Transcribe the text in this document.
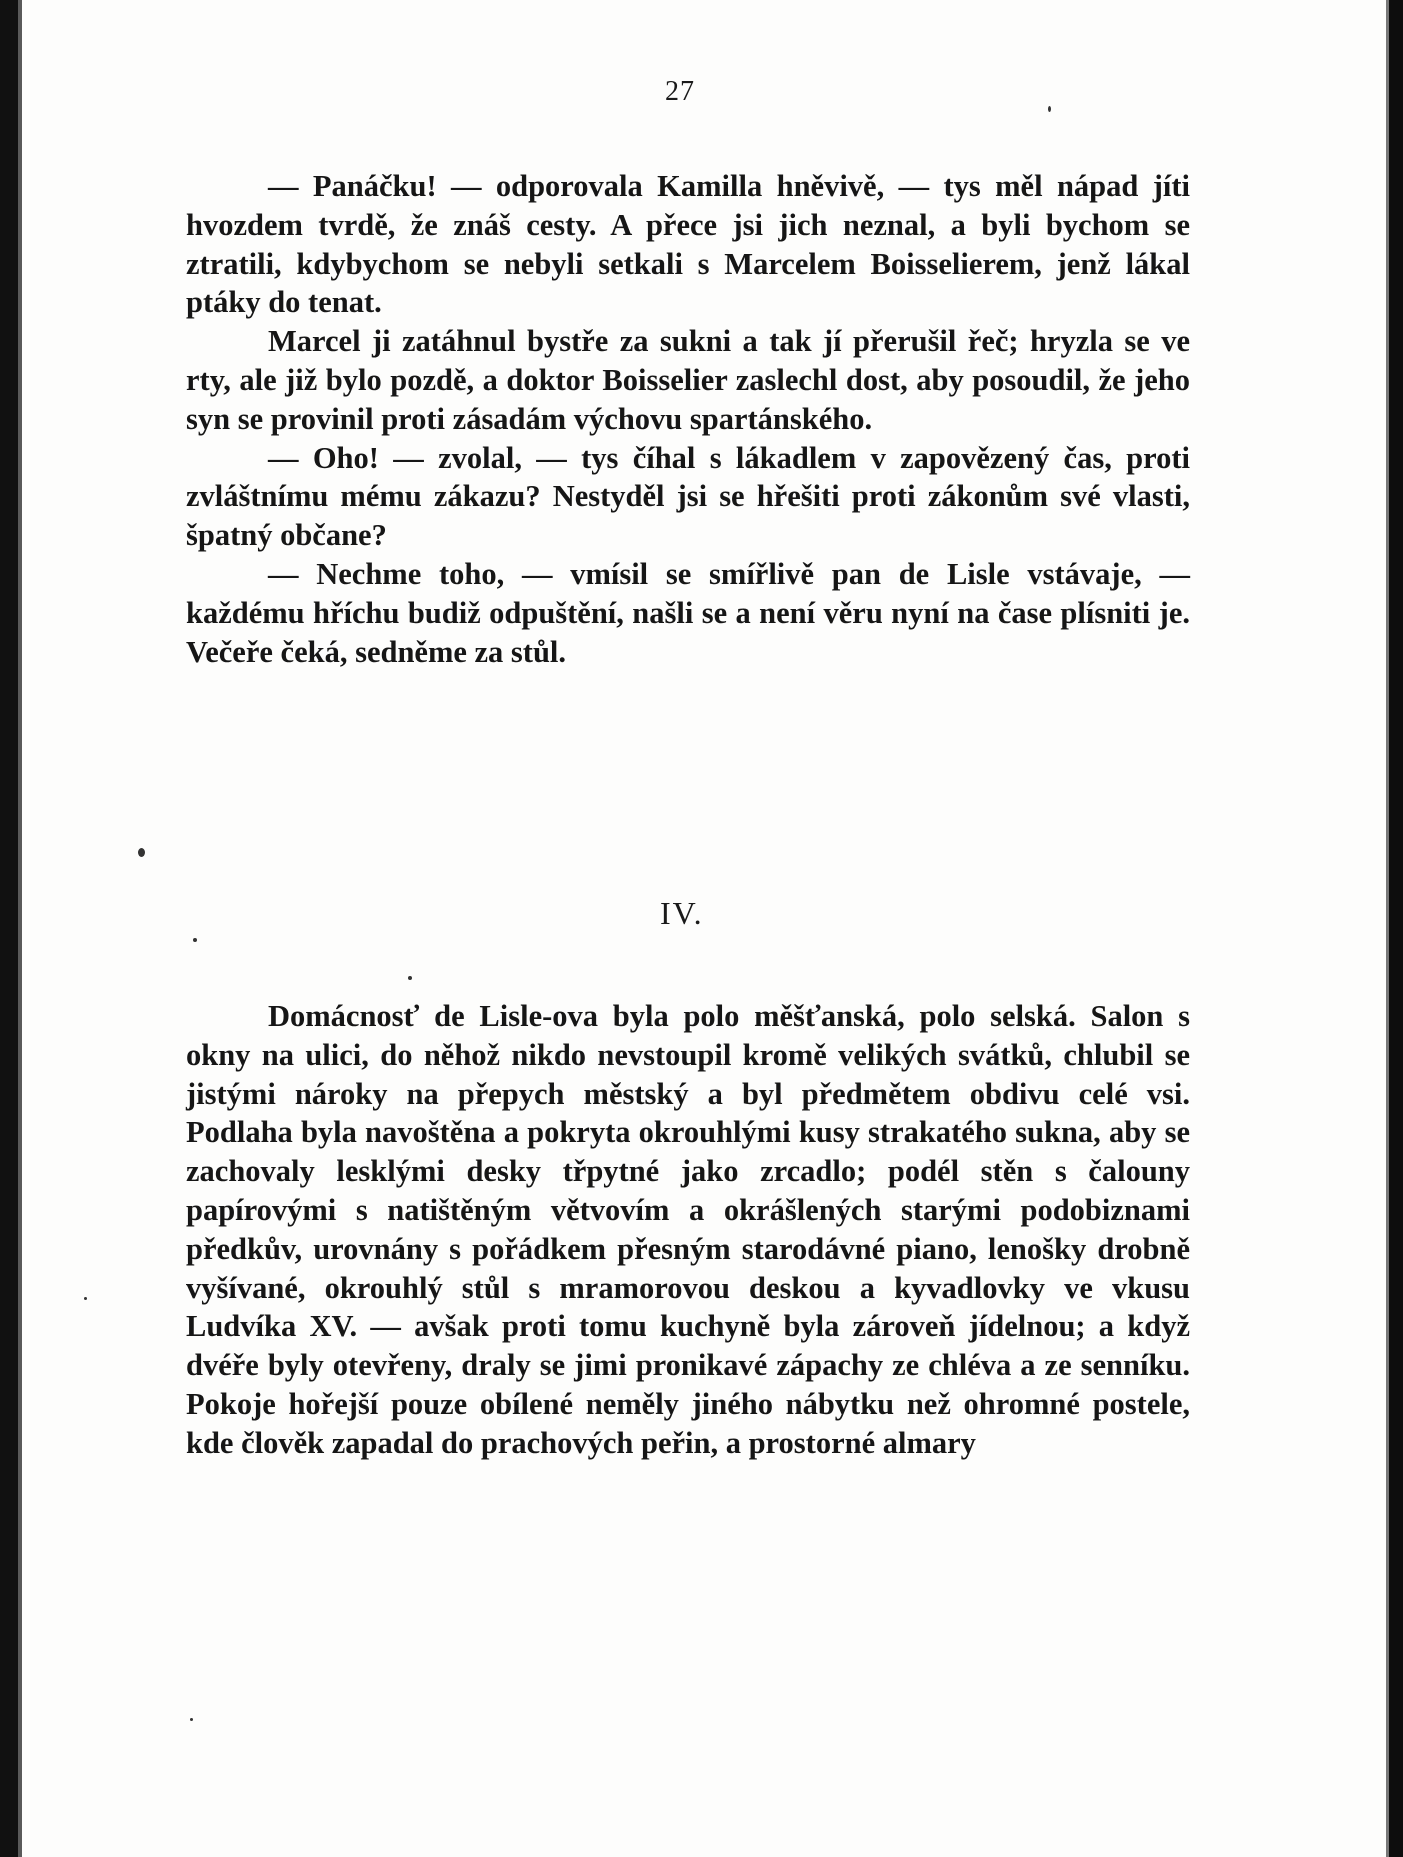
27

— Panáčku! — odporovala Kamilla hněvivě, — tys měl nápad jíti hvozdem tvrdě, že znáš cesty. A přece jsi jich neznal, a byli bychom se ztratili, kdybychom se nebyli setkali s Marcelem Boisselierem, jenž lákal ptáky do tenat.

Marcel ji zatáhnul bystře za sukni a tak jí přerušil řeč; hryzla se ve rty, ale již bylo pozdě, a doktor Boisselier zaslechl dost, aby posoudil, že jeho syn se provinil proti zásadám výchovu spartánského.

— Oho! — zvolal, — tys číhal s lákadlem v zapovězený čas, proti zvláštnímu mému zákazu? Nestyděl jsi se hřešiti proti zákonům své vlasti, špatný občane?

— Nechme toho, — vmísil se smířlivě pan de Lisle vstávaje, — každému hříchu budiž odpuštění, našli se a není věru nyní na čase plísniti je. Večeře čeká, sedněme za stůl.

IV.

Domácnosť de Lisle-ova byla polo měšťanská, polo selská. Salon s okny na ulici, do něhož nikdo nevstoupil kromě velikých svátků, chlubil se jistými nároky na přepych městský a byl předmětem obdivu celé vsi. Podlaha byla navoštěna a pokryta okrouhlými kusy strakatého sukna, aby se zachovaly lesklými desky třpytné jako zrcadlo; podél stěn s čalouny papírovými s natištěným větvovím a okrášlených starými podobiznami předkův, urovnány s pořádkem přesným starodávné piano, lenošky drobně vyšívané, okrouhlý stůl s mramorovou deskou a kyvadlovky ve vkusu Ludvíka XV. — avšak proti tomu kuchyně byla zároveň jídelnou; a když dvéře byly otevřeny, draly se jimi pronikavé zápachy ze chléva a ze senníku. Pokoje hořejší pouze obílené neměly jiného nábytku než ohromné postele, kde člověk zapadal do prachových peřin, a prostorné almary
